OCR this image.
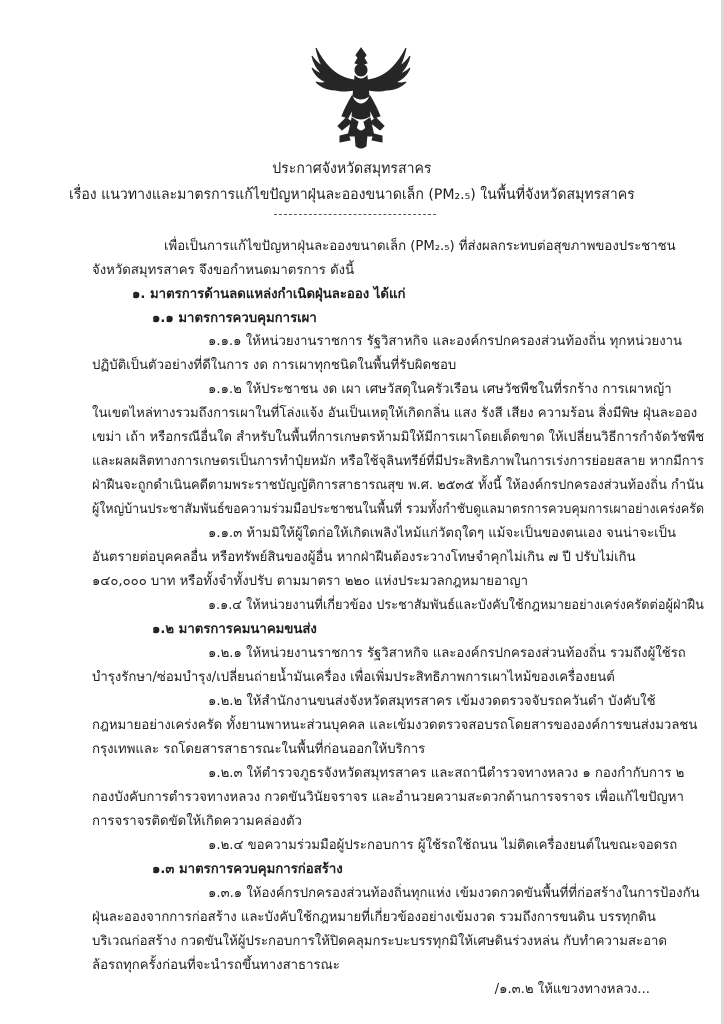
ประกาศจังหวัดสมุทรสาคร
เรื่อง แนวทางและมาตรการแก้ไขปัญหาฝุ่นละอองขนาดเล็ก (PM₂.₅) ในพื้นที่จังหวัดสมุทรสาคร
เพื่อเป็นการแก้ไขปัญหาฝุ่นละอองขนาดเล็ก (PM₂.₅) ที่ส่งผลกระทบต่อสุขภาพของประชาชน
จังหวัดสมุทรสาคร จึงขอกำหนดมาตรการ ดังนี้
๑. มาตรการด้านลดแหล่งกำเนิดฝุ่นละออง ได้แก่
๑.๑ มาตรการควบคุมการเผา
๑.๑.๑ ให้หน่วยงานราชการ รัฐวิสาหกิจ และองค์กรปกครองส่วนท้องถิ่น ทุกหน่วยงาน
ปฏิบัติเป็นตัวอย่างที่ดีในการ งด การเผาทุกชนิดในพื้นที่รับผิดชอบ
๑.๑.๒ ให้ประชาชน งด เผา เศษวัสดุในครัวเรือน เศษวัชพืชในที่รกร้าง การเผาหญ้า
ในเขตไหล่ทางรวมถึงการเผาในที่โล่งแจ้ง อันเป็นเหตุให้เกิดกลิ่น แสง รังสี เสียง ความร้อน สิ่งมีพิษ ฝุ่นละออง
เขม่า เถ้า หรือกรณีอื่นใด สำหรับในพื้นที่การเกษตรห้ามมิให้มีการเผาโดยเด็ดขาด ให้เปลี่ยนวิธีการกำจัดวัชพืช
และผลผลิตทางการเกษตรเป็นการทำปุ๋ยหมัก หรือใช้จุลินทรีย์ที่มีประสิทธิภาพในการเร่งการย่อยสลาย หากมีการ
ฝ่าฝืนจะถูกดำเนินคดีตามพระราชบัญญัติการสาธารณสุข พ.ศ. ๒๕๓๕ ทั้งนี้ ให้องค์กรปกครองส่วนท้องถิ่น กำนัน
ผู้ใหญ่บ้านประชาสัมพันธ์ขอความร่วมมือประชาชนในพื้นที่ รวมทั้งกำชับดูแลมาตรการควบคุมการเผาอย่างเคร่งครัด
๑.๑.๓ ห้ามมิให้ผู้ใดก่อให้เกิดเพลิงไหม้แก่วัตถุใดๆ แม้จะเป็นของตนเอง จนน่าจะเป็น
อันตรายต่อบุคคลอื่น หรือทรัพย์สินของผู้อื่น หากฝ่าฝืนต้องระวางโทษจำคุกไม่เกิน ๗ ปี ปรับไม่เกิน
๑๔๐,๐๐๐ บาท หรือทั้งจำทั้งปรับ ตามมาตรา ๒๒๐ แห่งประมวลกฎหมายอาญา
๑.๑.๔ ให้หน่วยงานที่เกี่ยวข้อง ประชาสัมพันธ์และบังคับใช้กฎหมายอย่างเคร่งครัดต่อผู้ฝ่าฝืน
๑.๒ มาตรการคมนาคมขนส่ง
๑.๒.๑ ให้หน่วยงานราชการ รัฐวิสาหกิจ และองค์กรปกครองส่วนท้องถิ่น รวมถึงผู้ใช้รถ
บำรุงรักษา/ซ่อมบำรุง/เปลี่ยนถ่ายน้ำมันเครื่อง เพื่อเพิ่มประสิทธิภาพการเผาไหม้ของเครื่องยนต์
๑.๒.๒ ให้สำนักงานขนส่งจังหวัดสมุทรสาคร เข้มงวดตรวจจับรถควันดำ บังคับใช้
กฎหมายอย่างเคร่งครัด ทั้งยานพาหนะส่วนบุคคล และเข้มงวดตรวจสอบรถโดยสารขององค์การขนส่งมวลชน
กรุงเทพและ รถโดยสารสาธารณะในพื้นที่ก่อนออกให้บริการ
๑.๒.๓ ให้ตำรวจภูธรจังหวัดสมุทรสาคร และสถานีตำรวจทางหลวง ๑ กองกำกับการ ๒
กองบังคับการตำรวจทางหลวง กวดขันวินัยจราจร และอำนวยความสะดวกด้านการจราจร เพื่อแก้ไขปัญหา
การจราจรติดขัดให้เกิดความคล่องตัว
๑.๒.๔ ขอความร่วมมือผู้ประกอบการ ผู้ใช้รถใช้ถนน ไม่ติดเครื่องยนต์ในขณะจอดรถ
๑.๓ มาตรการควบคุมการก่อสร้าง
๑.๓.๑ ให้องค์กรปกครองส่วนท้องถิ่นทุกแห่ง เข้มงวดกวดขันพื้นที่ที่ก่อสร้างในการป้องกัน
ฝุ่นละอองจากการก่อสร้าง และบังคับใช้กฎหมายที่เกี่ยวข้องอย่างเข้มงวด รวมถึงการขนดิน บรรทุกดิน
บริเวณก่อสร้าง กวดขันให้ผู้ประกอบการให้ปิดคลุมกระบะบรรทุกมิให้เศษดินร่วงหล่น กับทำความสะอาด
ล้อรถทุกครั้งก่อนที่จะนำรถขึ้นทางสาธารณะ
/๑.๓.๒ ให้แขวงทางหลวง...
